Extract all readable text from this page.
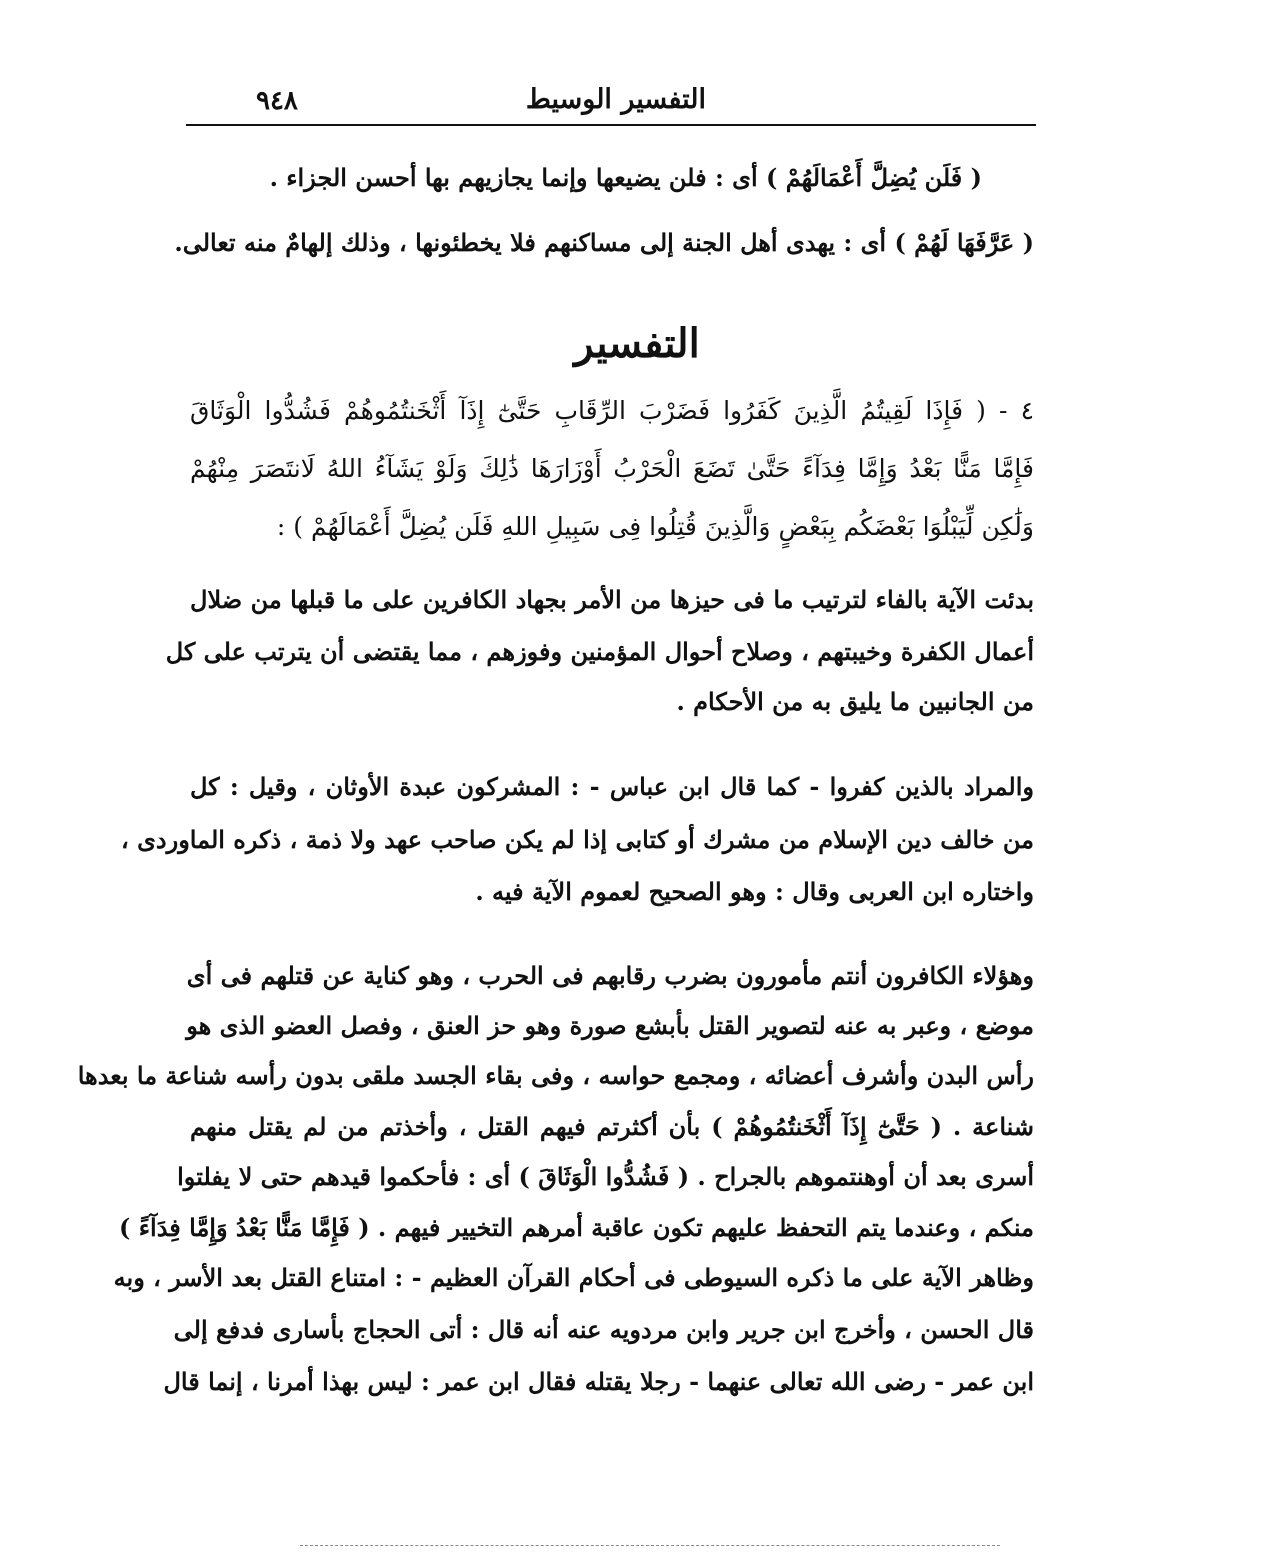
التفسير الوسيط
٩٤٨
( فَلَن يُضِلَّ أَعْمَالَهُمْ ) أى : فلن يضيعها وإنما يجازيهم بها أحسن الجزاء .
( عَرَّفَهَا لَهُمْ ) أى : يهدى أهل الجنة إلى مساكنهم فلا يخطئونها ، وذلك إلهامٌ منه تعالى.
التفسير
٤ - ( فَإِذَا لَقِيتُمُ الَّذِينَ كَفَرُوا فَضَرْبَ الرِّقَابِ حَتَّىٰٓ إِذَآ أَثْخَنتُمُوهُمْ فَشُدُّوا الْوَثَاقَ
فَإِمَّا مَنًّا بَعْدُ وَإِمَّا فِدَآءً حَتَّىٰ تَضَعَ الْحَرْبُ أَوْزَارَهَا ذَٰلِكَ وَلَوْ يَشَآءُ اللهُ لَانتَصَرَ مِنْهُمْ
وَلَٰكِن لِّيَبْلُوَا بَعْضَكُم بِبَعْضٍ وَالَّذِينَ قُتِلُوا فِى سَبِيلِ اللهِ فَلَن يُضِلَّ أَعْمَالَهُمْ ) :
بدئت الآية بالفاء لترتيب ما فى حيزها من الأمر بجهاد الكافرين على ما قبلها من ضلال
أعمال الكفرة وخيبتهم ، وصلاح أحوال المؤمنين وفوزهم ، مما يقتضى أن يترتب على كل
من الجانبين ما يليق به من الأحكام .
والمراد بالذين كفروا - كما قال ابن عباس - : المشركون عبدة الأوثان ، وقيل : كل
من خالف دين الإسلام من مشرك أو كتابى إذا لم يكن صاحب عهد ولا ذمة ، ذكره الماوردى ،
واختاره ابن العربى وقال : وهو الصحيح لعموم الآية فيه .
وهؤلاء الكافرون أنتم مأمورون بضرب رقابهم فى الحرب ، وهو كناية عن قتلهم فى أى
موضع ، وعبر به عنه لتصوير القتل بأبشع صورة وهو حز العنق ، وفصل العضو الذى هو
رأس البدن وأشرف أعضائه ، ومجمع حواسه ، وفى بقاء الجسد ملقى بدون رأسه شناعة ما بعدها
شناعة . ( حَتَّىٰٓ إِذَآ أَثْخَنتُمُوهُمْ ) بأن أكثرتم فيهم القتل ، وأخذتم من لم يقتل منهم
أسرى بعد أن أوهنتموهم بالجراح . ( فَشُدُّوا الْوَثَاقَ ) أى : فأحكموا قيدهم حتى لا يفلتوا
منكم ، وعندما يتم التحفظ عليهم تكون عاقبة أمرهم التخيير فيهم . ( فَإِمَّا مَنًّا بَعْدُ وَإِمَّا فِدَآءً )
وظاهر الآية على ما ذكره السيوطى فى أحكام القرآن العظيم - : امتناع القتل بعد الأسر ، وبه
قال الحسن ، وأخرج ابن جرير وابن مردويه عنه أنه قال : أتى الحجاج بأسارى فدفع إلى
ابن عمر - رضى الله تعالى عنهما - رجلا يقتله فقال ابن عمر : ليس بهذا أمرنا ، إنما قال
